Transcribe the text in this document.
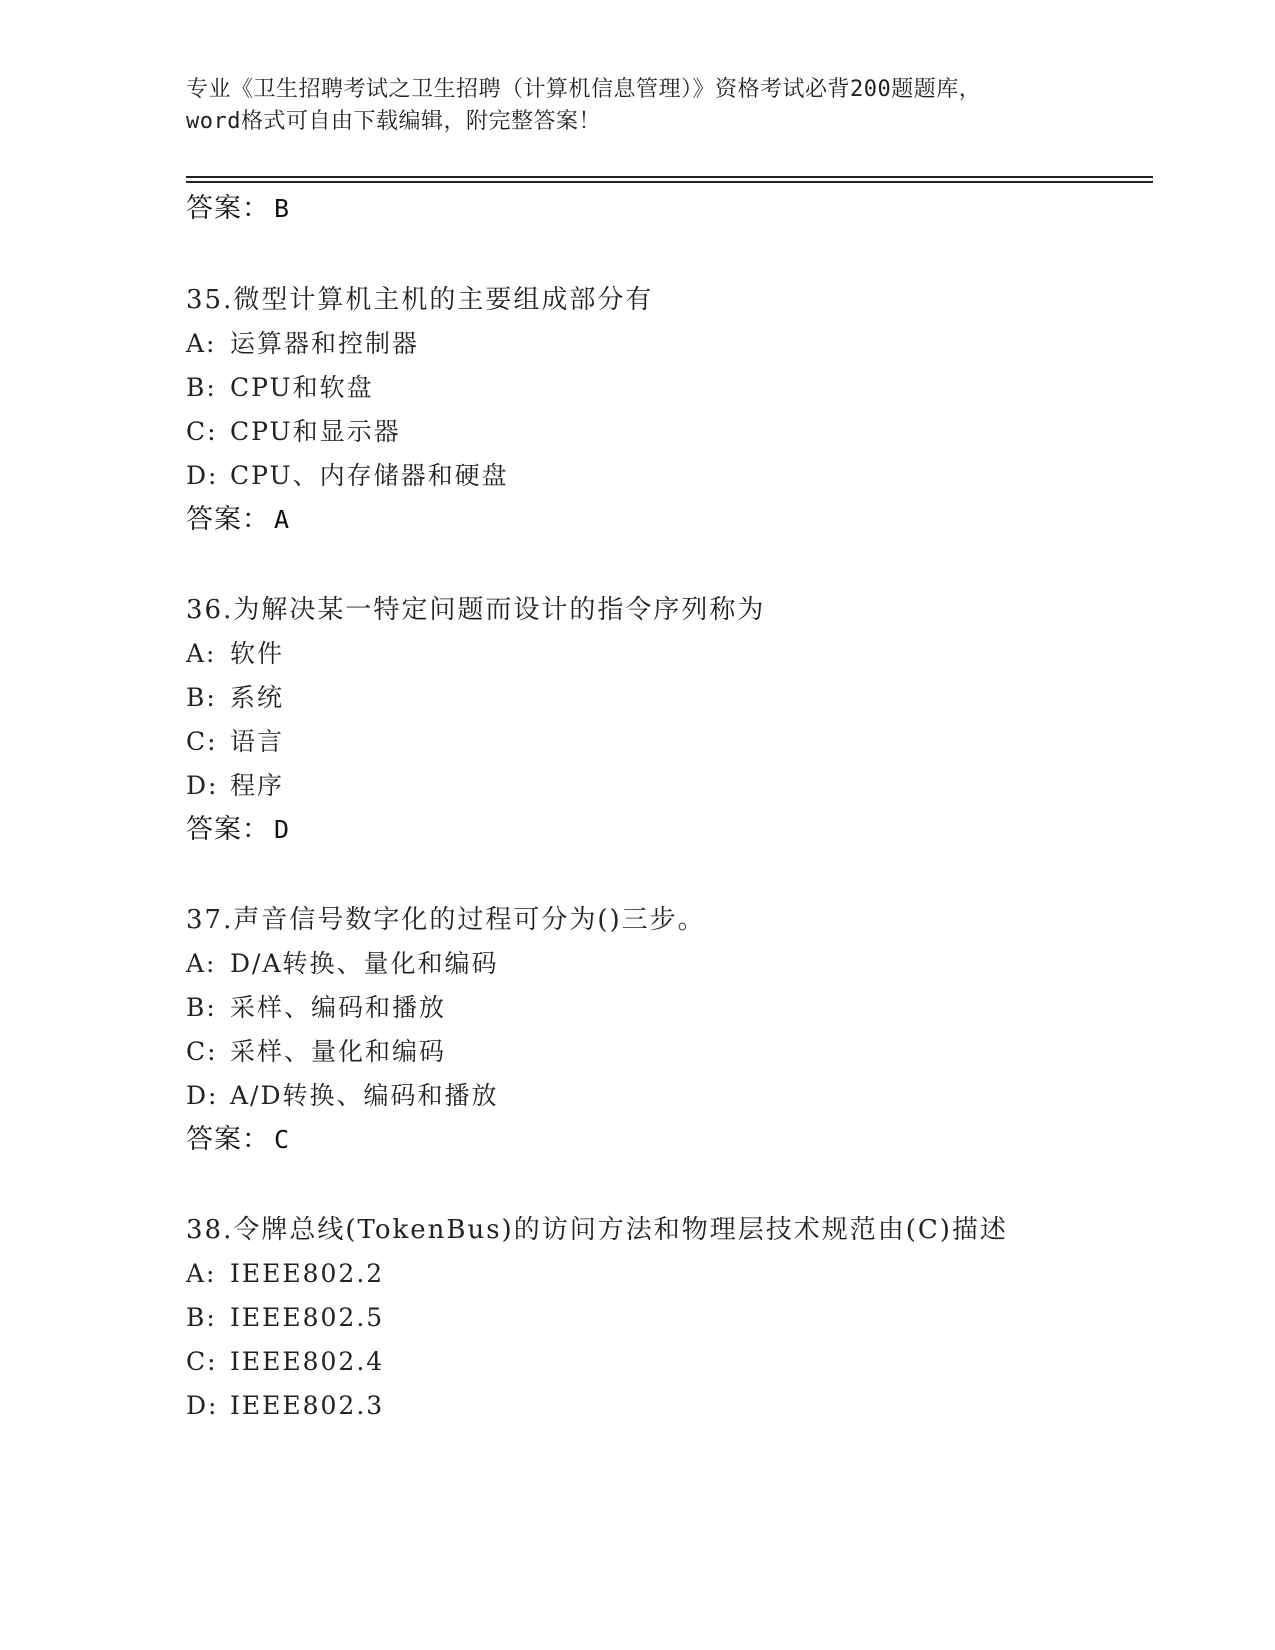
专业《卫生招聘考试之卫生招聘（计算机信息管理）》资格考试必背200题题库，
word格式可自由下载编辑，附完整答案！
答案： B
35.微型计算机主机的主要组成部分有
A: 运算器和控制器
B: CPU和软盘
C: CPU和显示器
D: CPU、内存储器和硬盘
答案： A
36.为解决某一特定问题而设计的指令序列称为
A: 软件
B: 系统
C: 语言
D: 程序
答案： D
37.声音信号数字化的过程可分为()三步。
A: D/A转换、量化和编码
B: 采样、编码和播放
C: 采样、量化和编码
D: A/D转换、编码和播放
答案： C
38.令牌总线(TokenBus)的访问方法和物理层技术规范由(C)描述
A: IEEE802.2
B: IEEE802.5
C: IEEE802.4
D: IEEE802.3
